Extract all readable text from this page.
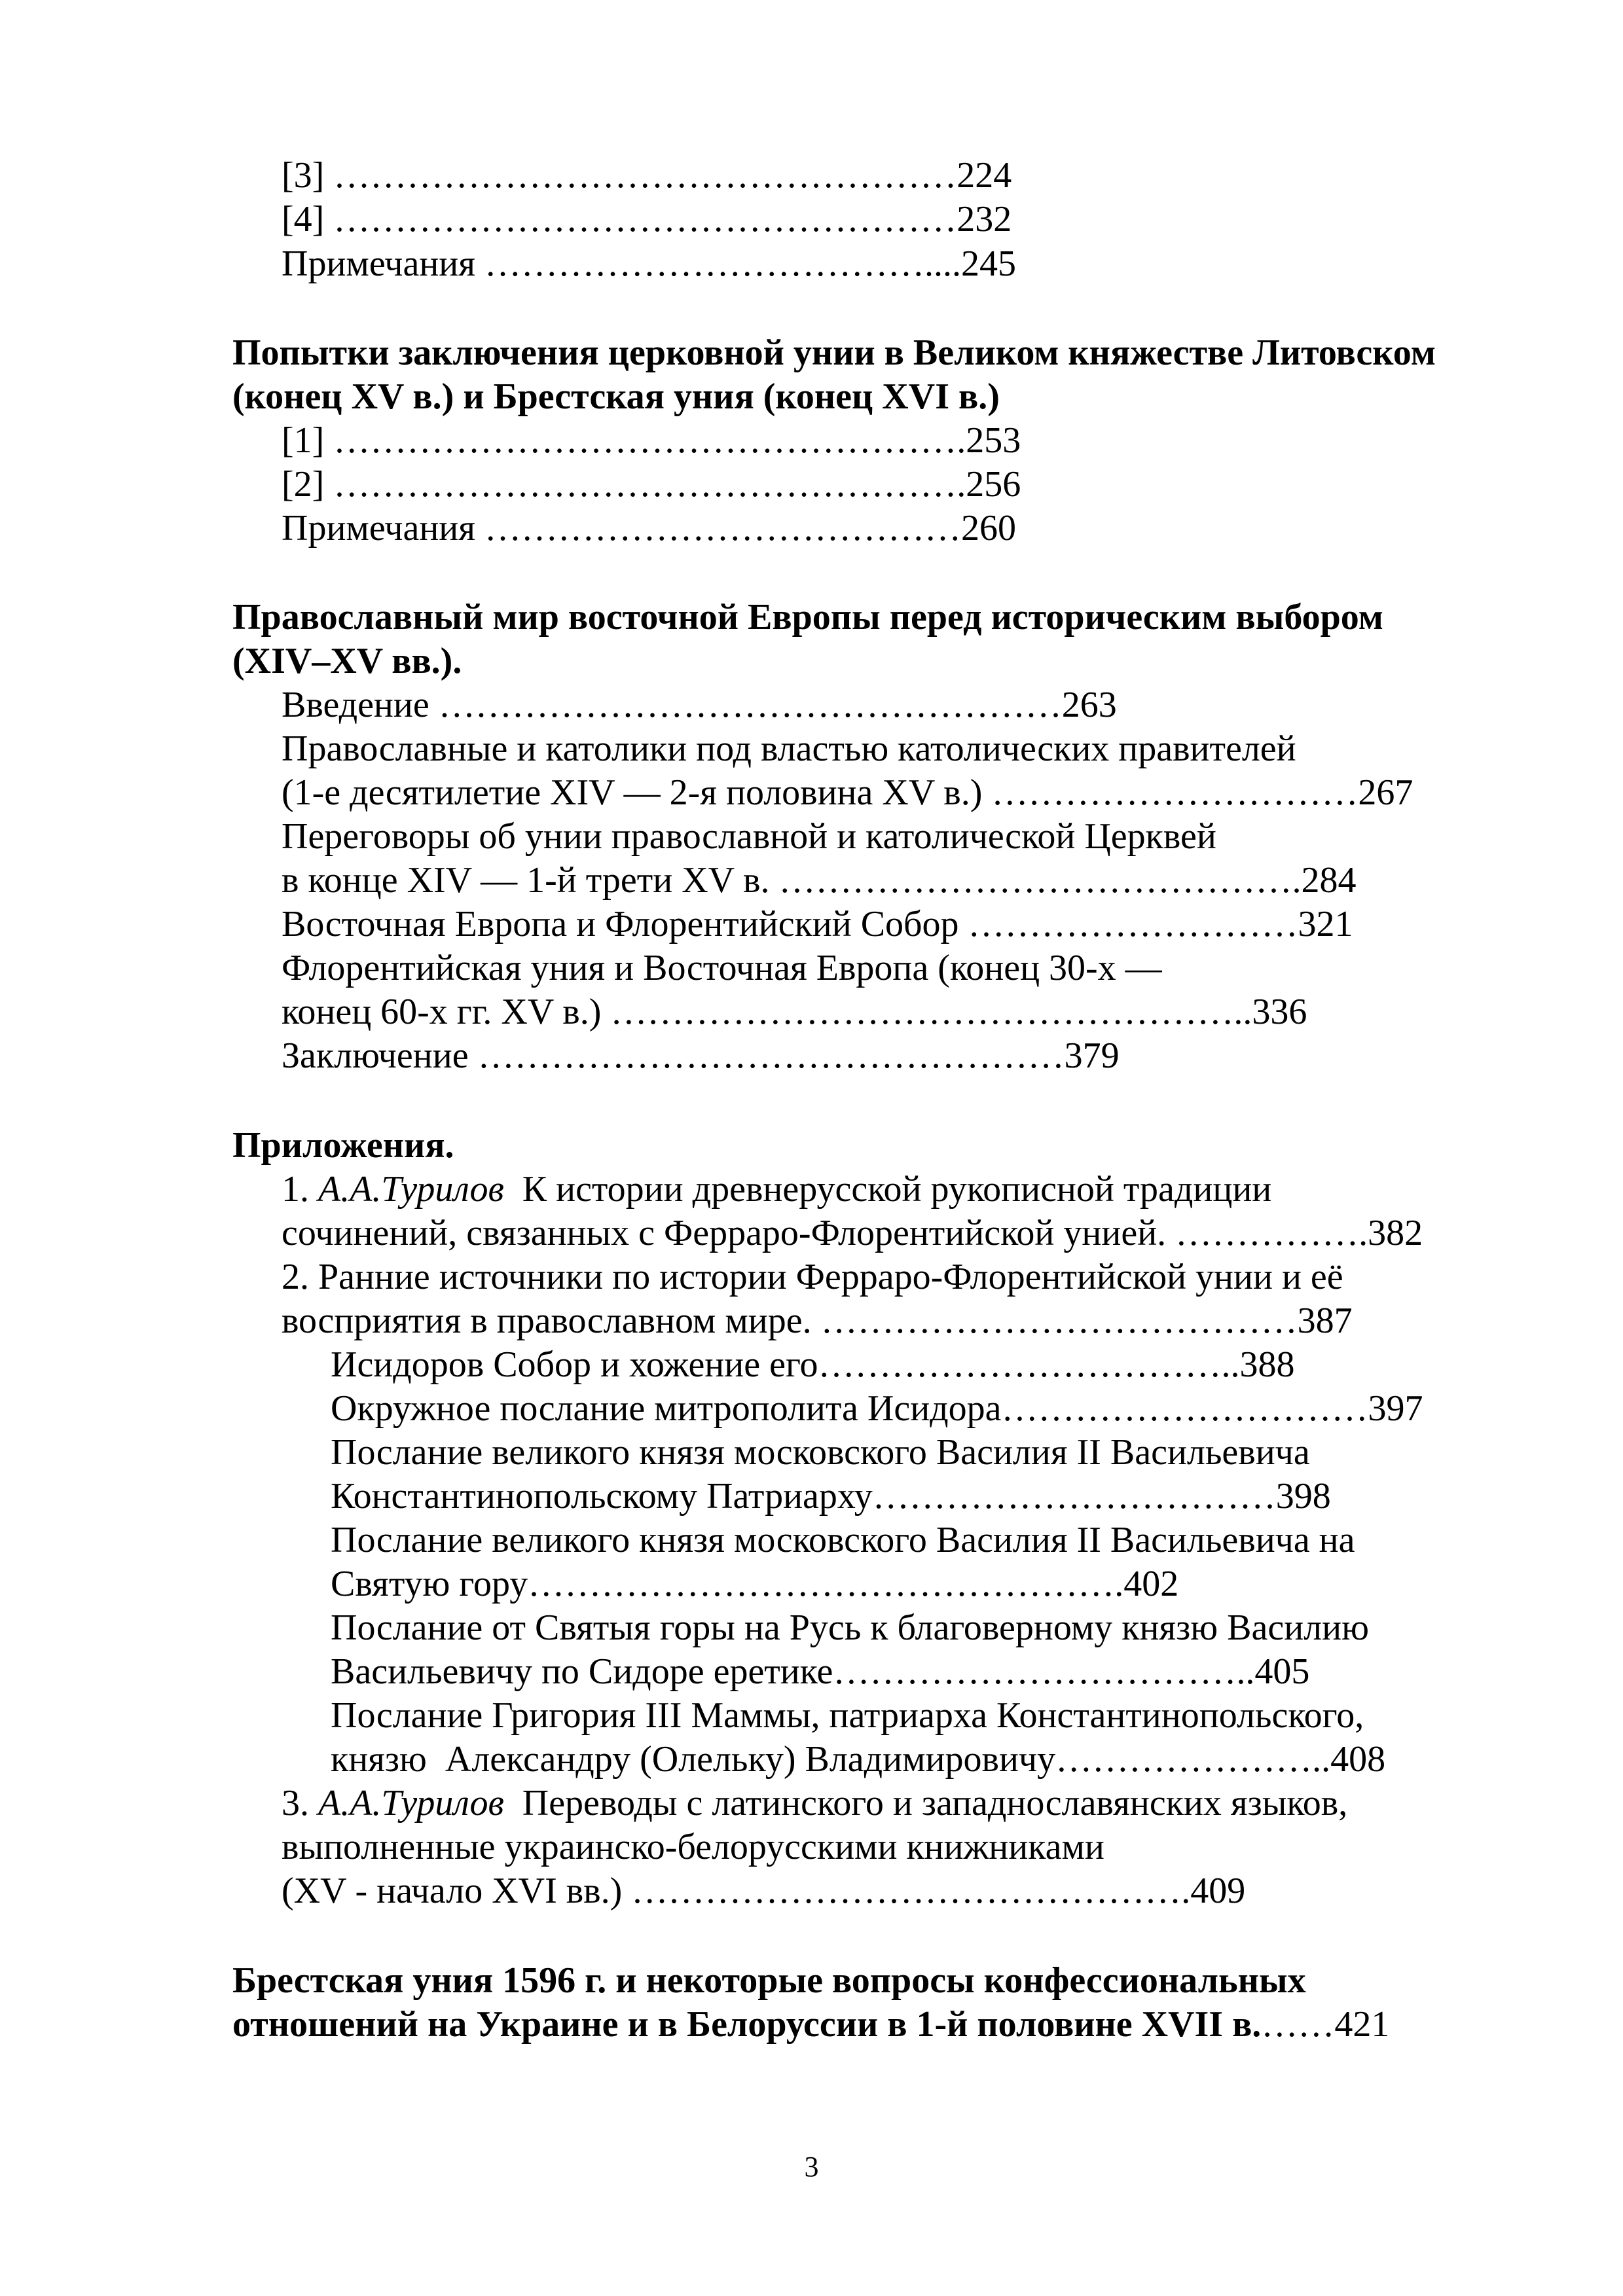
[3] ……………………………………………224
[4] ……………………………………………232
Примечания ………………………………....245
Попытки заключения церковной унии в Великом княжестве Литовском
(конец XV в.) и Брестская уния (конец XVI в.)
[1] …………………………………………….253
[2] …………………………………………….256
Примечания …………………………………260
Православный мир восточной Европы перед историческим выбором
(XIV–XV вв.).
Введение ……………………………………………263
Православные и католики под властью католических правителей
(1-е десятилетие XIV — 2-я половина XV в.) …………………………267
Переговоры об унии православной и католической Церквей
в конце XIV — 1-й трети XV в. …………………………………….284
Восточная Европа и Флорентийский Собор ………………………321
Флорентийская уния и Восточная Европа (конец 30-х —
конец 60-х гг. XV в.) ……………………………………………..336
Заключение …………………………………………379
Приложения.
1. А.А.Турилов  К истории древнерусской рукописной традиции
сочинений, связанных с Ферраро-Флорентийской унией. …………….382
2. Ранние источники по истории Ферраро-Флорентийской унии и её
восприятия в православном мире. …………………………………387
Исидоров Собор и хожение его……………………………..388
Окружное послание митрополита Исидора…………………………397
Послание великого князя московского Василия II Васильевича
Константинопольскому Патриарху……………………………398
Послание великого князя московского Василия II Васильевича на
Святую гору………………………………………….402
Послание от Святыя горы на Русь к благоверному князю Василию
Васильевичу по Сидоре еретике……………………………..405
Послание Григория III Маммы, патриарха Константинопольского,
князю  Александру (Олельку) Владимировичу…………………..408
3. А.А.Турилов  Переводы с латинского и западнославянских языков,
выполненные украинско-белорусскими книжниками
(XV - начало XVI вв.) ……………………………………….409
Брестская уния 1596 г. и некоторые вопросы конфессиональных
отношений на Украине и в Белоруссии в 1-й половине XVII в.……421
3
